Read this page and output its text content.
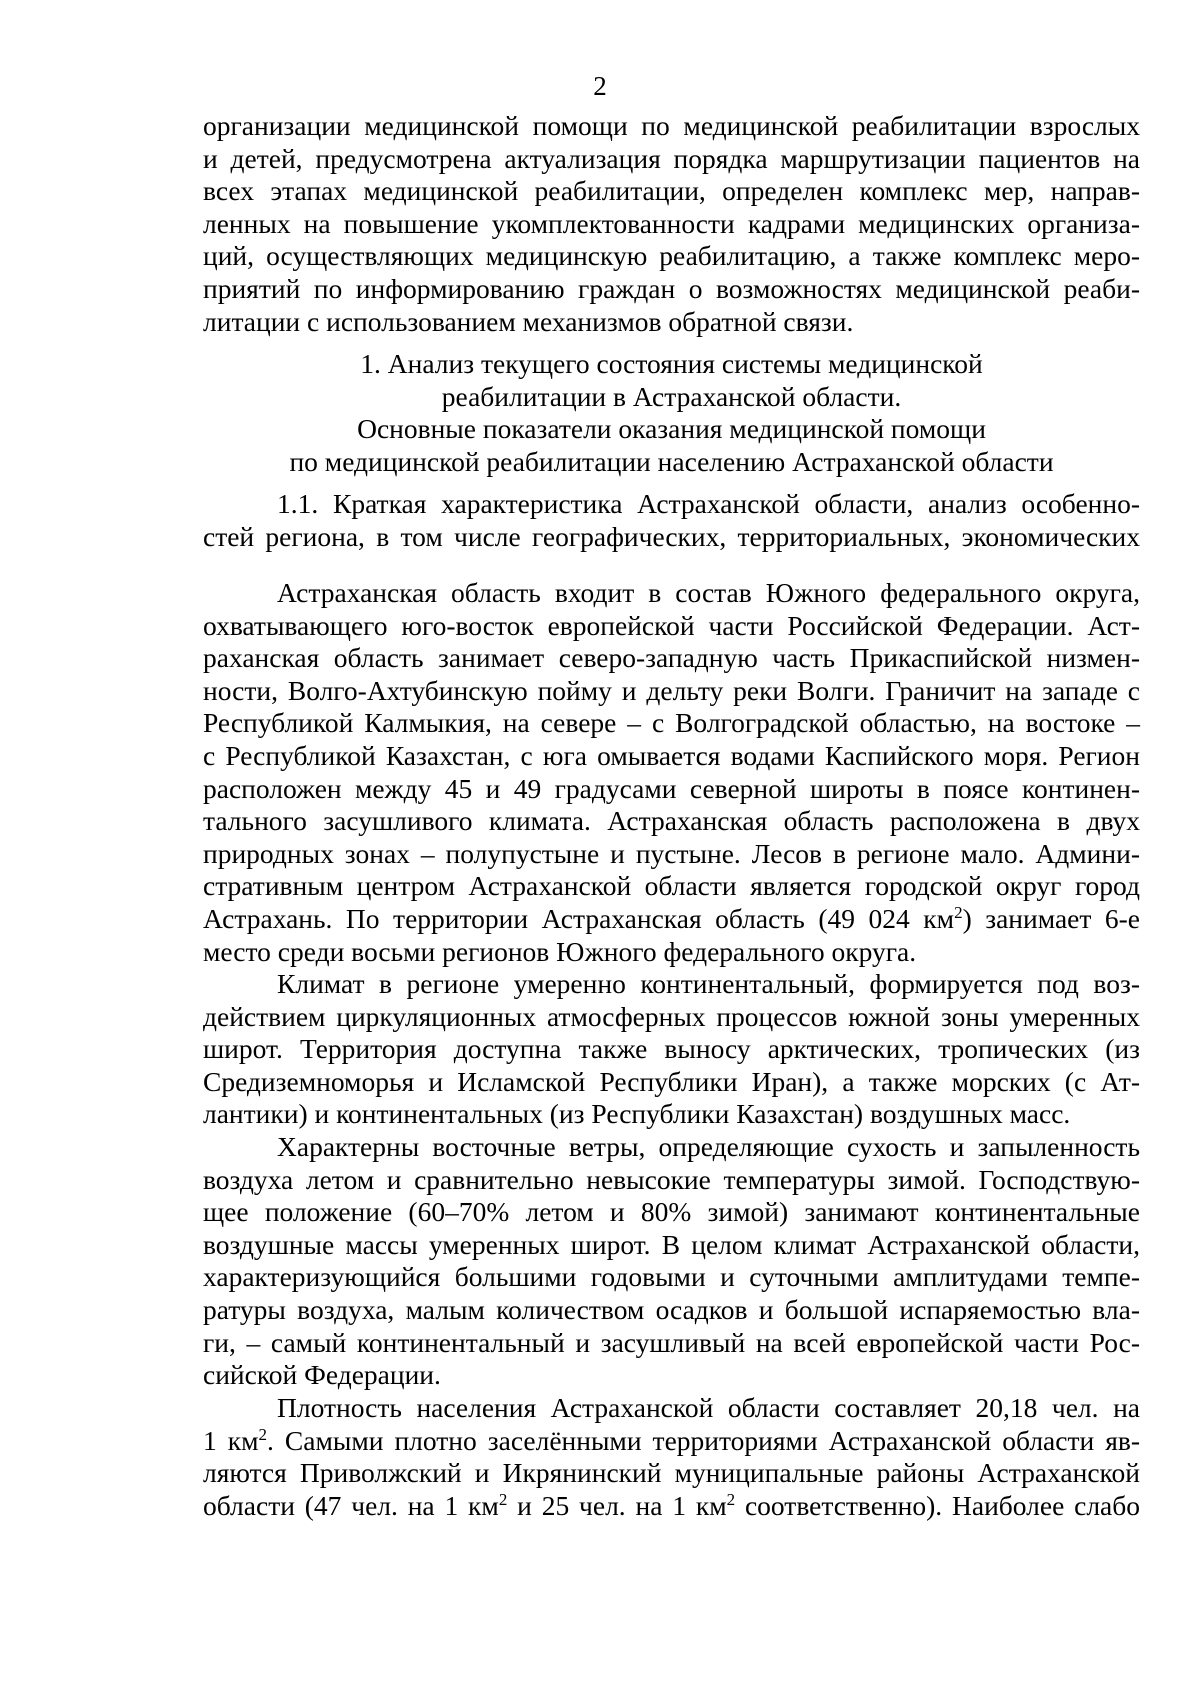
2
организации медицинской помощи по медицинской реабилитации взрослых
и детей, предусмотрена актуализация порядка маршрутизации пациентов на
всех этапах медицинской реабилитации, определен комплекс мер, направ-
ленных на повышение укомплектованности кадрами медицинских организа-
ций, осуществляющих медицинскую реабилитацию, а также комплекс меро-
приятий по информированию граждан о возможностях медицинской реаби-
литации с использованием механизмов обратной связи.
1. Анализ текущего состояния системы медицинской
реабилитации в Астраханской области.
Основные показатели оказания медицинской помощи
по медицинской реабилитации населению Астраханской области
1.1. Краткая характеристика Астраханской области, анализ особенно-
стей региона, в том числе географических, территориальных, экономических
Астраханская область входит в состав Южного федерального округа,
охватывающего юго-восток европейской части Российской Федерации. Аст-
раханская область занимает северо-западную часть Прикаспийской низмен-
ности, Волго-Ахтубинскую пойму и дельту реки Волги. Граничит на западе с
Республикой Калмыкия, на севере – с Волгоградской областью, на востоке –
с Республикой Казахстан, с юга омывается водами Каспийского моря. Регион
расположен между 45 и 49 градусами северной широты в поясе континен-
тального засушливого климата. Астраханская область расположена в двух
природных зонах – полупустыне и пустыне. Лесов в регионе мало. Админи-
стративным центром Астраханской области является городской округ город
Астрахань. По территории Астраханская область (49 024 $км^2$) занимает 6-е
место среди восьми регионов Южного федерального округа.
Климат в регионе умеренно континентальный, формируется под воз-
действием циркуляционных атмосферных процессов южной зоны умеренных
широт. Территория доступна также выносу арктических, тропических (из
Средиземноморья и Исламской Республики Иран), а также морских (с Ат-
лантики) и континентальных (из Республики Казахстан) воздушных масс.
Характерны восточные ветры, определяющие сухость и запыленность
воздуха летом и сравнительно невысокие температуры зимой. Господствую-
щее положение (60–70% летом и 80% зимой) занимают континентальные
воздушные массы умеренных широт. В целом климат Астраханской области,
характеризующийся большими годовыми и суточными амплитудами темпе-
ратуры воздуха, малым количеством осадков и большой испаряемостью вла-
ги, – самый континентальный и засушливый на всей европейской части Рос-
сийской Федерации.
Плотность населения Астраханской области составляет 20,18 чел. на
1 $км^2$. Самыми плотно заселёнными территориями Астраханской области яв-
ляются Приволжский и Икрянинский муниципальные районы Астраханской
области (47 чел. на 1 $км^2$ и 25 чел. на 1 $км^2$ соответственно). Наиболее слабо
